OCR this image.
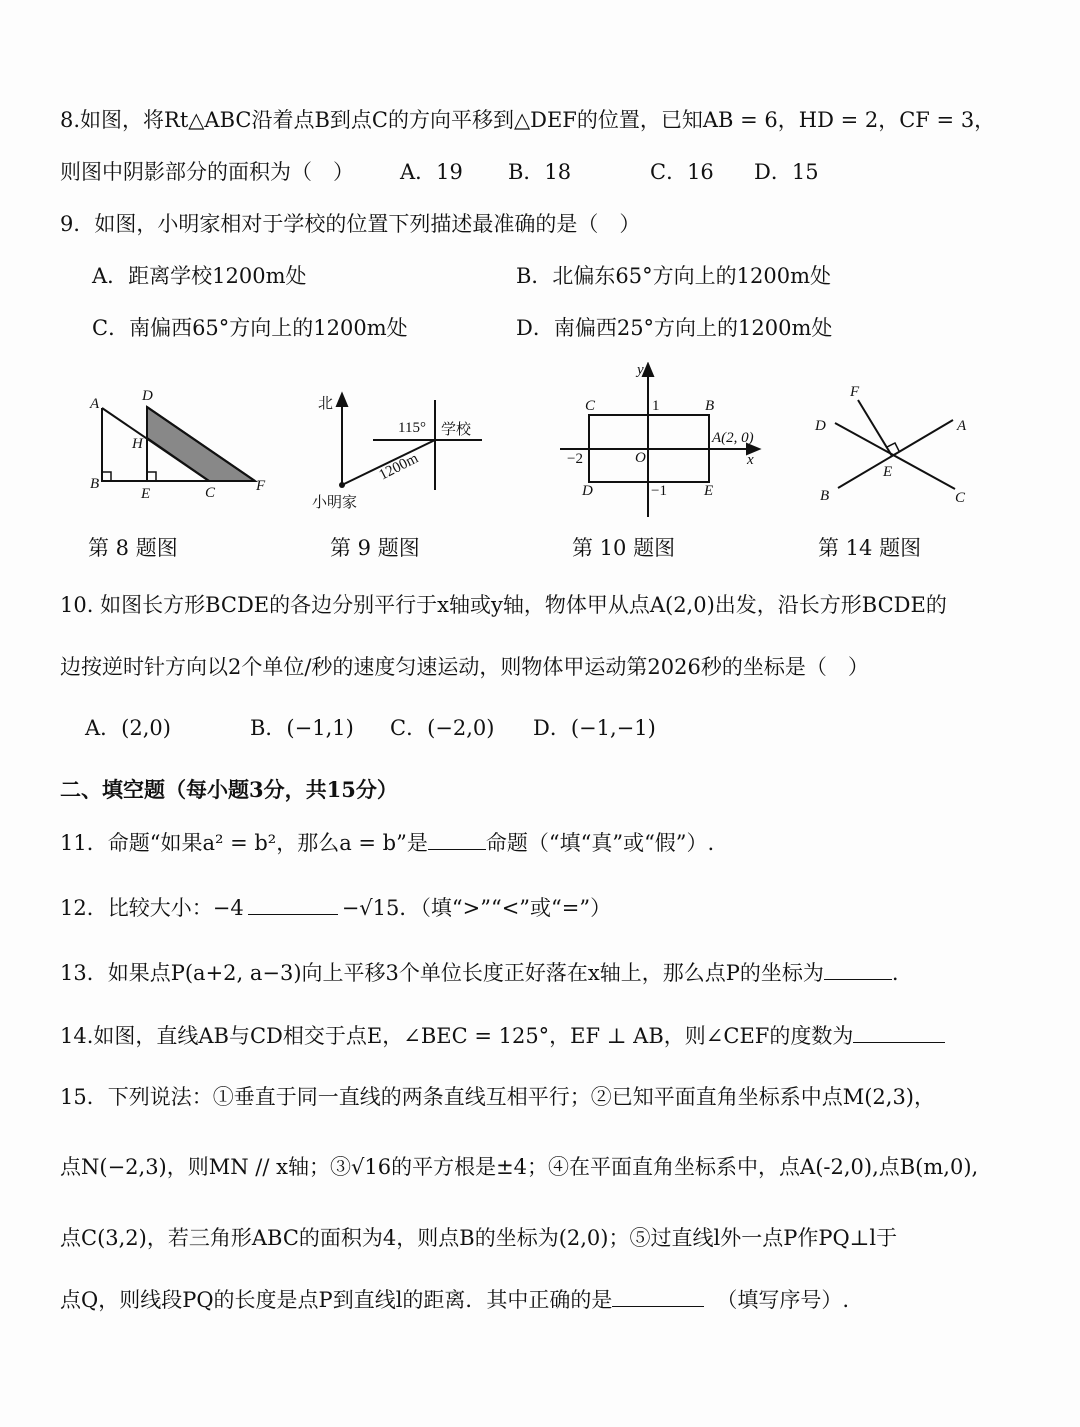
8.如图，将Rt△ABC沿着点B到点C的方向平移到△DEF的位置，已知AB = 6，HD = 2，CF = 3，
则图中阴影部分的面积为（　） A．19 B．18	C．16 D．15
9．如图，小明家相对于学校的位置下列描述最准确的是（　）
A．距离学校1200m处	B．北偏东65°方向上的1200m处
C．南偏西65°方向上的1200m处	D．南偏西25°方向上的1200m处
A	D
H
B
E	C	F
第 8 题图
北
115° 学校
1200m
小明家
第 9 题图
y
C	1	B
A(2, 0)
−2	O	x
D	−1 E
第 10 题图
F
D	A
E
B	C
第 14 题图
10. 如图长方形BCDE的各边分别平行于x轴或y轴，物体甲从点A(2,0)出发，沿长方形BCDE的
边按逆时针方向以2个单位/秒的速度匀速运动，则物体甲运动第2026秒的坐标是（　）
A．(2,0)	B．(−1,1) C．(−2,0) D．(−1,−1)
二、填空题（每小题3分，共15分）
11．命题“如果a² = b²，那么a = b”是	命题（“填“真”或“假”）.
12．比较大小：−4	−√15．（填“>”“<”或“=”）
13．如果点P(a+2, a−3)向上平移3个单位长度正好落在x轴上，那么点P的坐标为	.
14.如图，直线AB与CD相交于点E，∠BEC = 125°，EF ⊥ AB，则∠CEF的度数为
15．下列说法：①垂直于同一直线的两条直线互相平行；②已知平面直角坐标系中点M(2,3)，
点N(−2,3)，则MN // x轴；③√16的平方根是±4；④在平面直角坐标系中，点A(-2,0),点B(m,0),
点C(3,2)，若三角形ABC的面积为4，则点B的坐标为(2,0)；⑤过直线l外一点P作PQ⊥l于
点Q，则线段PQ的长度是点P到直线l的距离．其中正确的是	（填写序号）.
